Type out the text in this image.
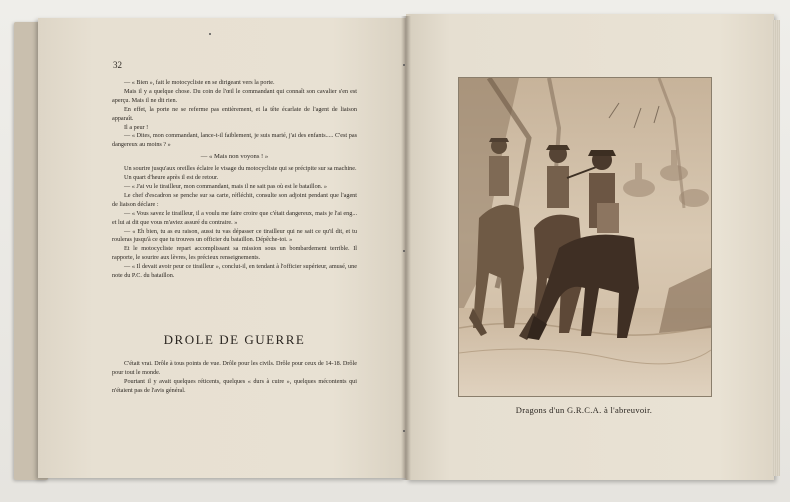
32

— « Bien », fait le motocycliste en se dirigeant vers la porte.

Mais il y a quelque chose. Du coin de l'œil le commandant qui connaît son cavalier s'en est aperçu. Mais il ne dit rien.

En effet, la porte ne se referme pas entièrement, et la tête écarlate de l'agent de liaison apparaît.

Il a peur !

— « Dites, mon commandant, lance-t-il faiblement, je suis marié, j'ai des enfants..... C'est pas dangereux au moins ? »

— « Mais non voyons ! »

Un sourire jusqu'aux oreilles éclaire le visage du motocycliste qui se précipite sur sa machine.

Un quart d'heure après il est de retour.

— « J'ai vu le tirailleur, mon commandant, mais il ne sait pas où est le bataillon. »

Le chef d'escadron se penche sur sa carte, réfléchit, consulte son adjoint pendant que l'agent de liaison déclare :

— « Vous savez le tirailleur, il a voulu me faire croire que c'était dangereux, mais je l'ai eng... et lui ai dit que vous m'aviez assuré du contraire. »

— « Eh bien, tu as eu raison, aussi tu vas dépasser ce tirailleur qui ne sait ce qu'il dit, et tu rouleras jusqu'à ce que tu trouves un officier du bataillon. Dépêche-toi. »

Et le motocycliste repart accomplissant sa mission sous un bombardement terrible. Il rapporte, le sourire aux lèvres, les précieux renseignements.

— « Il devait avoir peur ce tirailleur », conclut-il, en tendant à l'officier supérieur, amusé, une note du P.C. du bataillon.

DROLE DE GUERRE

C'était vrai. Drôle à tous points de vue. Drôle pour les civils. Drôle pour ceux de 14-18. Drôle pour tout le monde.

Pourtant il y avait quelques réticents, quelques « durs à cuire », quelques mécontents qui n'étaient pas de l'avis général.

Dragons d'un G.R.C.A. à l'abreuvoir.
